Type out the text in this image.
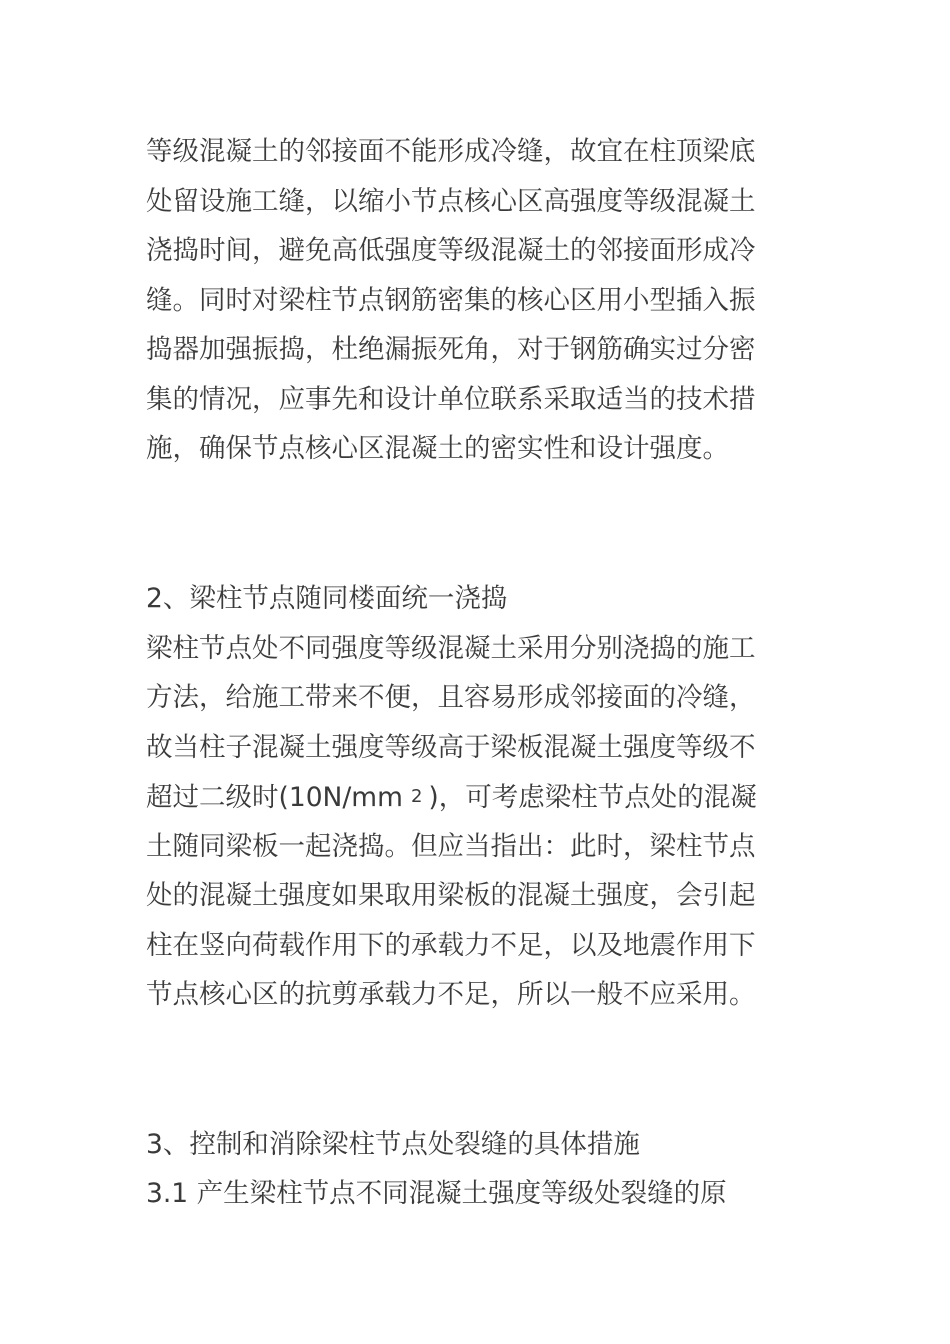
等级混凝土的邻接面不能形成冷缝，故宜在柱顶梁底
处留设施工缝，以缩小节点核心区高强度等级混凝土
浇捣时间，避免高低强度等级混凝土的邻接面形成冷
缝。同时对梁柱节点钢筋密集的核心区用小型插入振
捣器加强振捣，杜绝漏振死角，对于钢筋确实过分密
集的情况，应事先和设计单位联系采取适当的技术措
施，确保节点核心区混凝土的密实性和设计强度。
2、梁柱节点随同楼面统一浇捣
梁柱节点处不同强度等级混凝土采用分别浇捣的施工
方法，给施工带来不便，且容易形成邻接面的冷缝，
故当柱子混凝土强度等级高于梁板混凝土强度等级不
超过二级时(10N/mm $^2$ )，可考虑梁柱节点处的混凝
土随同梁板一起浇捣。但应当指出：此时，梁柱节点
处的混凝土强度如果取用梁板的混凝土强度，会引起
柱在竖向荷载作用下的承载力不足，以及地震作用下
节点核心区的抗剪承载力不足，所以一般不应采用。
3、控制和消除梁柱节点处裂缝的具体措施
3.1 产生梁柱节点不同混凝土强度等级处裂缝的原
